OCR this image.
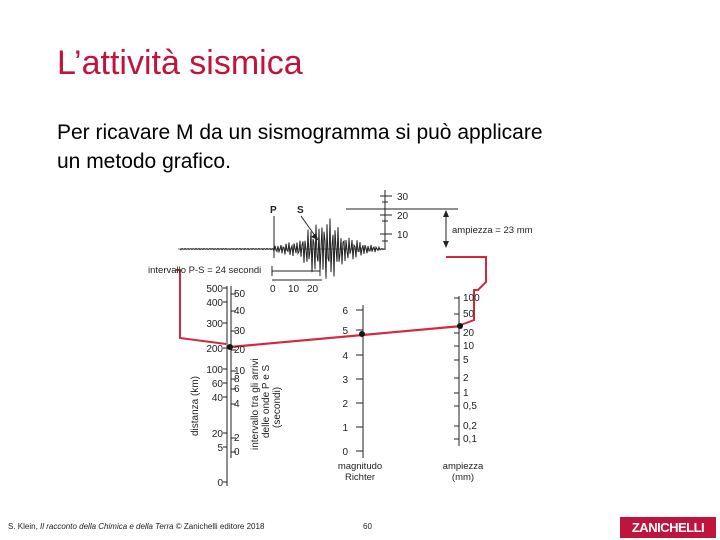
L’attività sismica
Per ricavare M da un sismogramma si può applicare
un metodo grafico.
P S
intervallo P-S = 24 secondi
0 10 20
30
20
10	ampiezza = 23 mm
500
400
300
200
100
60
40
20
5
0
distanza (km)
50
40
30
20
10
8
6
4
2
0
intervallo tra gli arrivi delle onde P e S (secondi)
6
5
4
3
2
1
0
magnitudo
Richter
100
50
20
10
5
2
1
0,5
0,2
0,1
ampiezza
(mm)
S. Klein, Il racconto della Chimica e della Terra © Zanichelli editore 2018	60	ZANICHELLI
